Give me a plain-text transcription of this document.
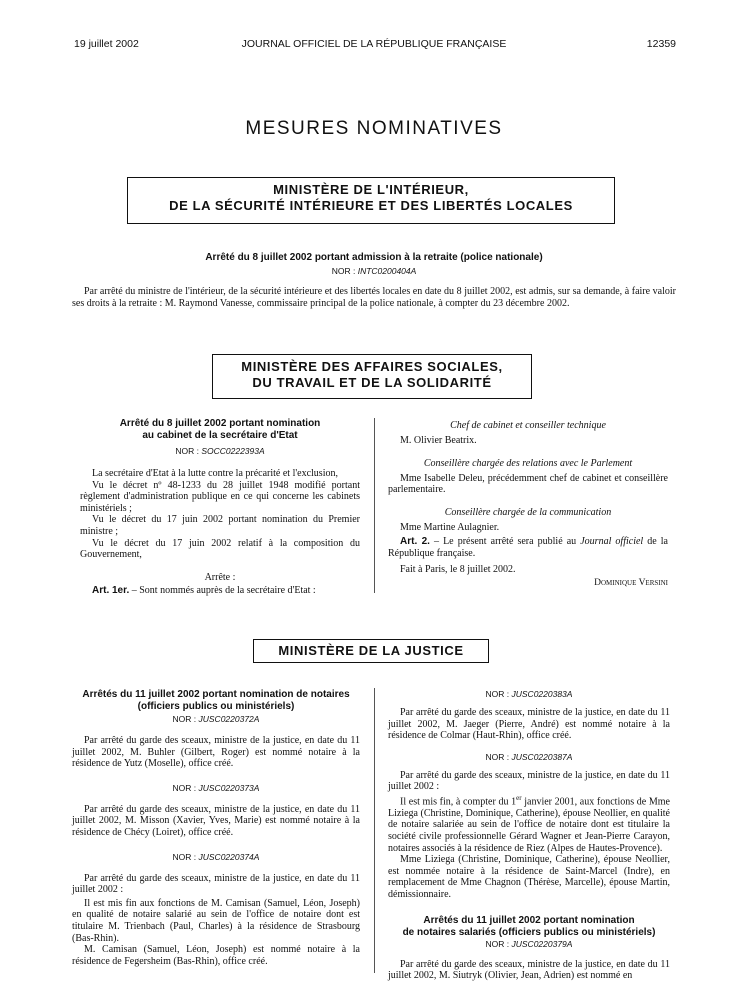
19 juillet 2002	JOURNAL OFFICIEL DE LA RÉPUBLIQUE FRANÇAISE	12359
MESURES NOMINATIVES
MINISTÈRE DE L'INTÉRIEUR,
DE LA SÉCURITÉ INTÉRIEURE ET DES LIBERTÉS LOCALES
Arrêté du 8 juillet 2002 portant admission à la retraite (police nationale)
NOR : INTC0200404A

Par arrêté du ministre de l'intérieur, de la sécurité intérieure et des libertés locales en date du 8 juillet 2002, est admis, sur sa demande, à faire valoir ses droits à la retraite : M. Raymond Vanesse, commissaire principal de la police nationale, à compter du 23 décembre 2002.

MINISTÈRE DES AFFAIRES SOCIALES,
DU TRAVAIL ET DE LA SOLIDARITÉ
Arrêté du 8 juillet 2002 portant nomination
au cabinet de la secrétaire d'Etat
NOR : SOCC0222393A

La secrétaire d'Etat à la lutte contre la précarité et l'exclusion,

Vu le décret nº 48-1233 du 28 juillet 1948 modifié portant règlement d'administration publique en ce qui concerne les cabinets ministériels ;

Vu le décret du 17 juin 2002 portant nomination du Premier ministre ;

Vu le décret du 17 juin 2002 relatif à la composition du Gouvernement,

Arrête :

Art. 1er. – Sont nommés auprès de la secrétaire d'Etat :

Chef de cabinet et conseiller technique

M. Olivier Beatrix.

Conseillère chargée des relations avec le Parlement

Mme Isabelle Deleu, précédemment chef de cabinet et conseillère parlementaire.

Conseillère chargée de la communication

Mme Martine Aulagnier.

Art. 2. – Le présent arrêté sera publié au Journal officiel de la République française.

Fait à Paris, le 8 juillet 2002.

Dominique Versini

MINISTÈRE DE LA JUSTICE
Arrêtés du 11 juillet 2002 portant nomination de notaires
(officiers publics ou ministériels)
NOR : JUSC0220372A

Par arrêté du garde des sceaux, ministre de la justice, en date du 11 juillet 2002, M. Buhler (Gilbert, Roger) est nommé notaire à la résidence de Yutz (Moselle), office créé.

NOR : JUSC0220373A

Par arrêté du garde des sceaux, ministre de la justice, en date du 11 juillet 2002, M. Misson (Xavier, Yves, Marie) est nommé notaire à la résidence de Chécy (Loiret), office créé.

NOR : JUSC0220374A

Par arrêté du garde des sceaux, ministre de la justice, en date du 11 juillet 2002 :

Il est mis fin aux fonctions de M. Camisan (Samuel, Léon, Joseph) en qualité de notaire salarié au sein de l'office de notaire dont est titulaire M. Trienbach (Paul, Charles) à la résidence de Strasbourg (Bas-Rhin).

M. Camisan (Samuel, Léon, Joseph) est nommé notaire à la résidence de Fegersheim (Bas-Rhin), office créé.

NOR : JUSC0220383A

Par arrêté du garde des sceaux, ministre de la justice, en date du 11 juillet 2002, M. Jaeger (Pierre, André) est nommé notaire à la résidence de Colmar (Haut-Rhin), office créé.

NOR : JUSC0220387A

Par arrêté du garde des sceaux, ministre de la justice, en date du 11 juillet 2002 :

Il est mis fin, à compter du 1er janvier 2001, aux fonctions de Mme Liziega (Christine, Dominique, Catherine), épouse Neollier, en qualité de notaire salariée au sein de l'office de notaire dont est titulaire la société civile professionnelle Gérard Wagner et Jean-Pierre Carayon, notaires associés à la résidence de Riez (Alpes de Hautes-Provence).

Mme Liziega (Christine, Dominique, Catherine), épouse Neollier, est nommée notaire à la résidence de Saint-Marcel (Indre), en remplacement de Mme Chagnon (Thérèse, Marcelle), épouse Martin, démissionnaire.

Arrêtés du 11 juillet 2002 portant nomination
de notaires salariés (officiers publics ou ministériels)
NOR : JUSC0220379A

Par arrêté du garde des sceaux, ministre de la justice, en date du 11 juillet 2002, M. Siutryk (Olivier, Jean, Adrien) est nommé en
